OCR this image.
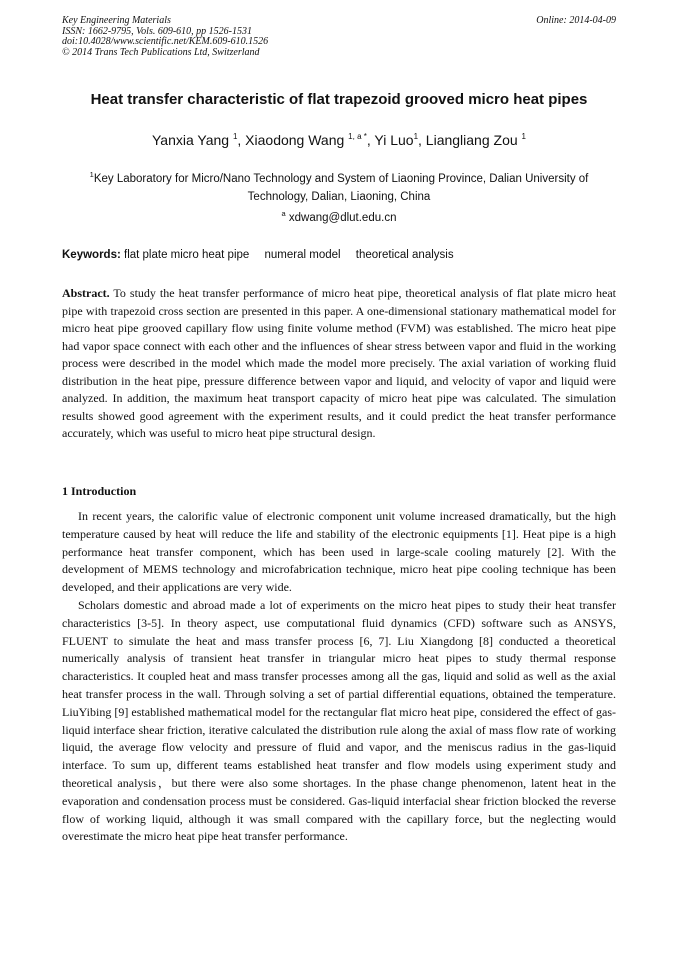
Key Engineering Materials
ISSN: 1662-9795, Vols. 609-610, pp 1526-1531
doi:10.4028/www.scientific.net/KEM.609-610.1526
© 2014 Trans Tech Publications Ltd, Switzerland
Online: 2014-04-09
Heat transfer characteristic of flat trapezoid grooved micro heat pipes
Yanxia Yang $^1$, Xiaodong Wang $^{1, a *}$, Yi Luo$^1$, Liangliang Zou $^1$
$^1$Key Laboratory for Micro/Nano Technology and System of Liaoning Province, Dalian University of Technology, Dalian, Liaoning, China
$^a$ xdwang@dlut.edu.cn
Keywords: flat plate micro heat pipe numeral model theoretical analysis
Abstract. To study the heat transfer performance of micro heat pipe, theoretical analysis of flat plate micro heat pipe with trapezoid cross section are presented in this paper. A one-dimensional stationary mathematical model for micro heat pipe grooved capillary flow using finite volume method (FVM) was established. The micro heat pipe had vapor space connect with each other and the influences of shear stress between vapor and fluid in the working process were described in the model which made the model more precisely. The axial variation of working fluid distribution in the heat pipe, pressure difference between vapor and liquid, and velocity of vapor and liquid were analyzed. In addition, the maximum heat transport capacity of micro heat pipe was calculated. The simulation results showed good agreement with the experiment results, and it could predict the heat transfer performance accurately, which was useful to micro heat pipe structural design.
1 Introduction

In recent years, the calorific value of electronic component unit volume increased dramatically, but the high temperature caused by heat will reduce the life and stability of the electronic equipments [1]. Heat pipe is a high performance heat transfer component, which has been used in large-scale cooling maturely [2]. With the development of MEMS technology and microfabrication technique, micro heat pipe cooling technique has been developed, and their applications are very wide.

Scholars domestic and abroad made a lot of experiments on the micro heat pipes to study their heat transfer characteristics [3-5]. In theory aspect, use computational fluid dynamics (CFD) software such as ANSYS, FLUENT to simulate the heat and mass transfer process [6, 7]. Liu Xiangdong [8] conducted a theoretical numerically analysis of transient heat transfer in triangular micro heat pipes to study thermal response characteristics. It coupled heat and mass transfer processes among all the gas, liquid and solid as well as the axial heat transfer process in the wall. Through solving a set of partial differential equations, obtained the temperature. LiuYibing [9] established mathematical model for the rectangular flat micro heat pipe, considered the effect of gas-liquid interface shear friction, iterative calculated the distribution rule along the axial of mass flow rate of working liquid, the average flow velocity and pressure of fluid and vapor, and the meniscus radius in the gas-liquid interface. To sum up, different teams established heat transfer and flow models using experiment study and theoretical analysis，but there were also some shortages. In the phase change phenomenon, latent heat in the evaporation and condensation process must be considered. Gas-liquid interfacial shear friction blocked the reverse flow of working liquid, although it was small compared with the capillary force, but the neglecting would overestimate the micro heat pipe heat transfer performance.
